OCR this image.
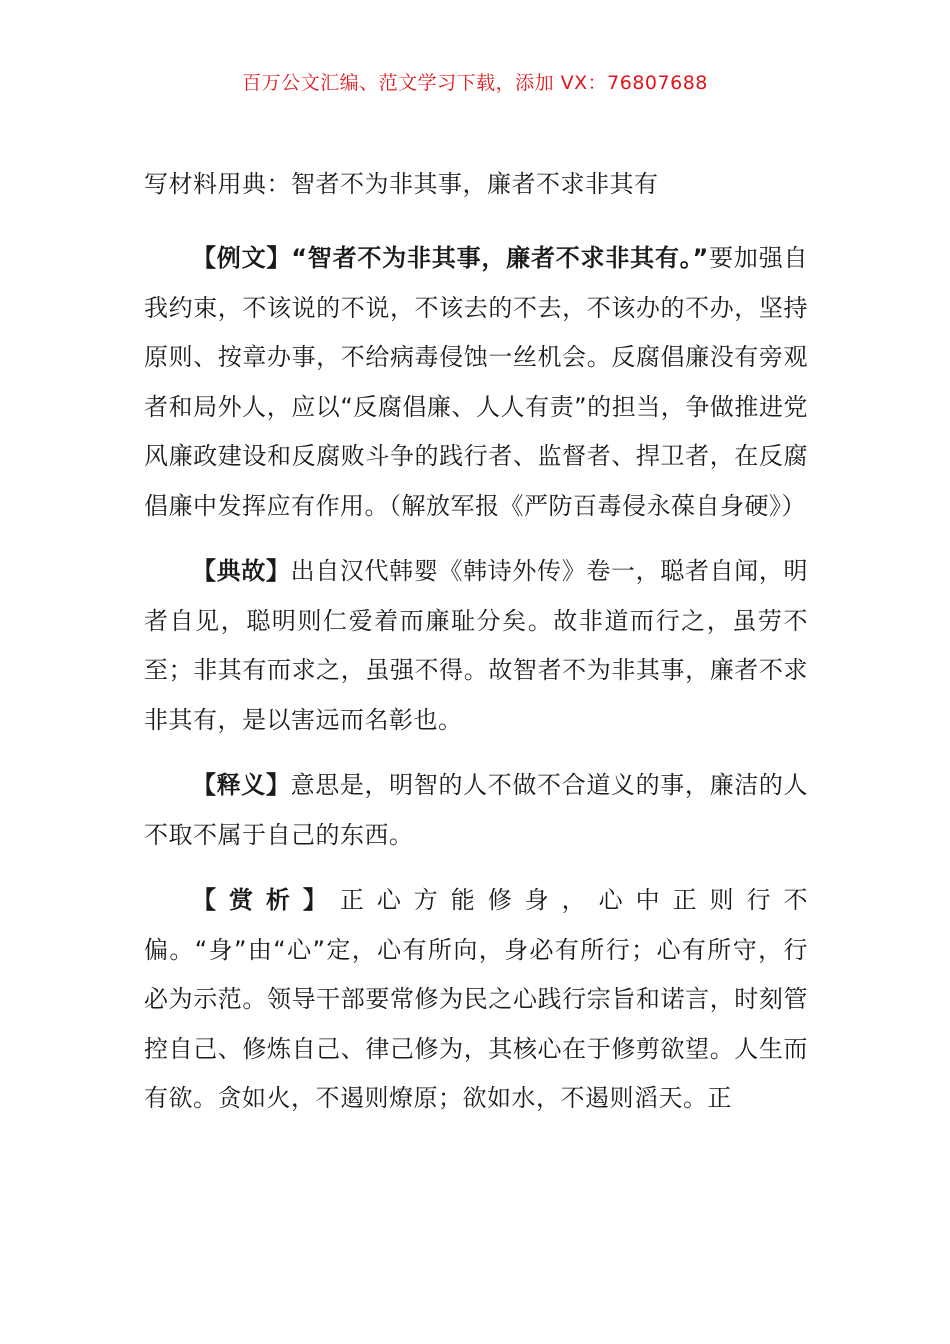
百万公文汇编、范文学习下载，添加 VX：76807688
写材料用典：智者不为非其事，廉者不求非其有

【例文】“智者不为非其事，廉者不求非其有。”要加强自我约束，不该说的不说，不该去的不去，不该办的不办，坚持原则、按章办事，不给病毒侵蚀一丝机会。反腐倡廉没有旁观者和局外人，应以“反腐倡廉、人人有责”的担当，争做推进党风廉政建设和反腐败斗争的践行者、监督者、捍卫者，在反腐倡廉中发挥应有作用。（解放军报《严防百毒侵永葆自身硬》）

【典故】出自汉代韩婴《韩诗外传》卷一，聪者自闻，明者自见，聪明则仁爱着而廉耻分矣。故非道而行之，虽劳不至；非其有而求之，虽强不得。故智者不为非其事，廉者不求非其有，是以害远而名彰也。

【释义】意思是，明智的人不做不合道义的事，廉洁的人不取不属于自己的东西。

【赏析】正心方能修身，心中正则行不偏。“身”由“心”定，心有所向，身必有所行；心有所守，行必为示范。领导干部要常修为民之心践行宗旨和诺言，时刻管控自己、修炼自己、律己修为，其核心在于修剪欲望。人生而有欲。贪如火，不遏则燎原；欲如水，不遏则滔天。正
